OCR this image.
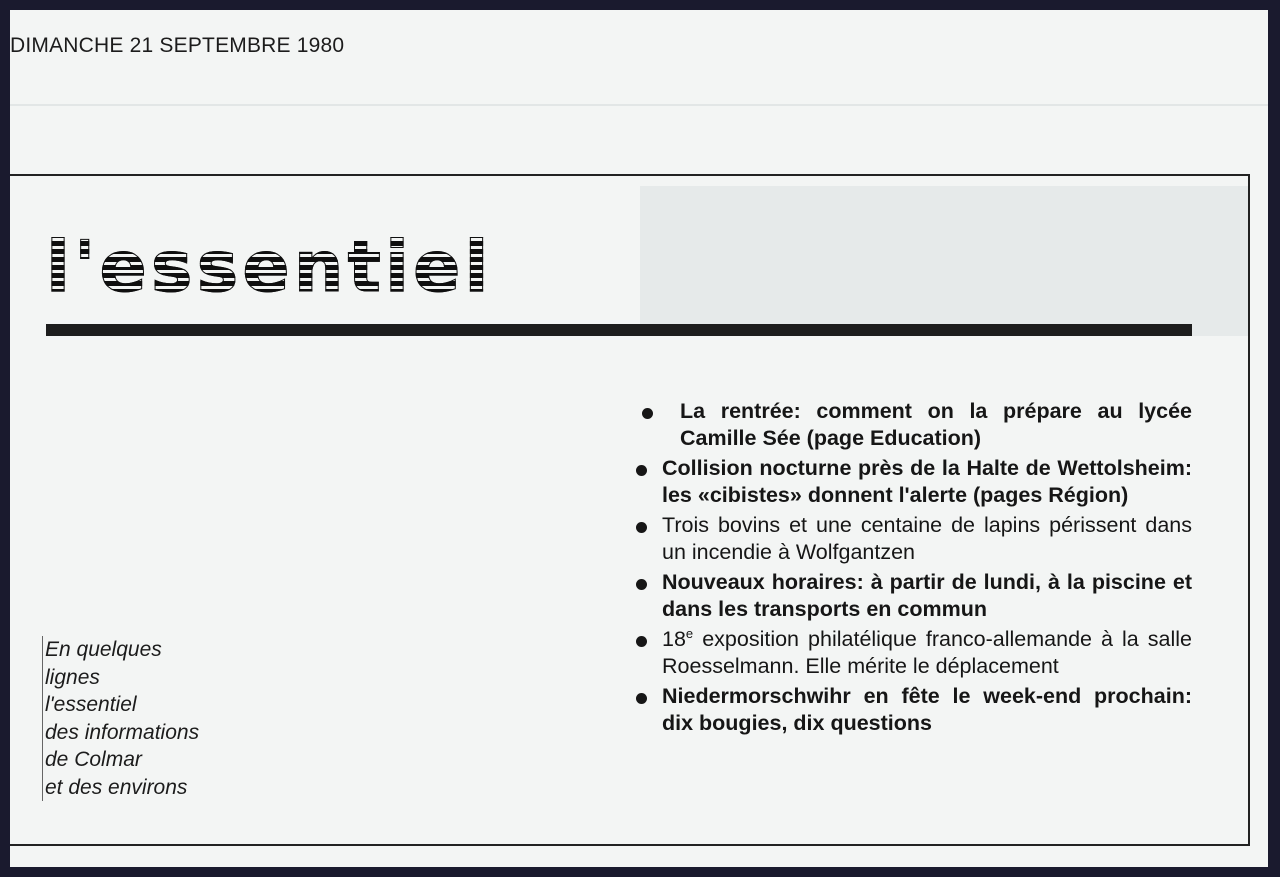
DIMANCHE 21 SEPTEMBRE 1980
l'essentiel
En quelques
lignes
l'essentiel
des informations
de Colmar
et des environs
La rentrée: comment on la prépare au lycée Camille Sée (page Education)
Collision nocturne près de la Halte de Wettolsheim: les «cibistes» donnent l'alerte (pages Région)
Trois bovins et une centaine de lapins périssent dans un incendie à Wolfgantzen
Nouveaux horaires: à partir de lundi, à la piscine et dans les transports en commun
18e exposition philatélique franco-allemande à la salle Roesselmann. Elle mérite le déplacement
Niedermorschwihr en fête le week-end prochain: dix bougies, dix questions
